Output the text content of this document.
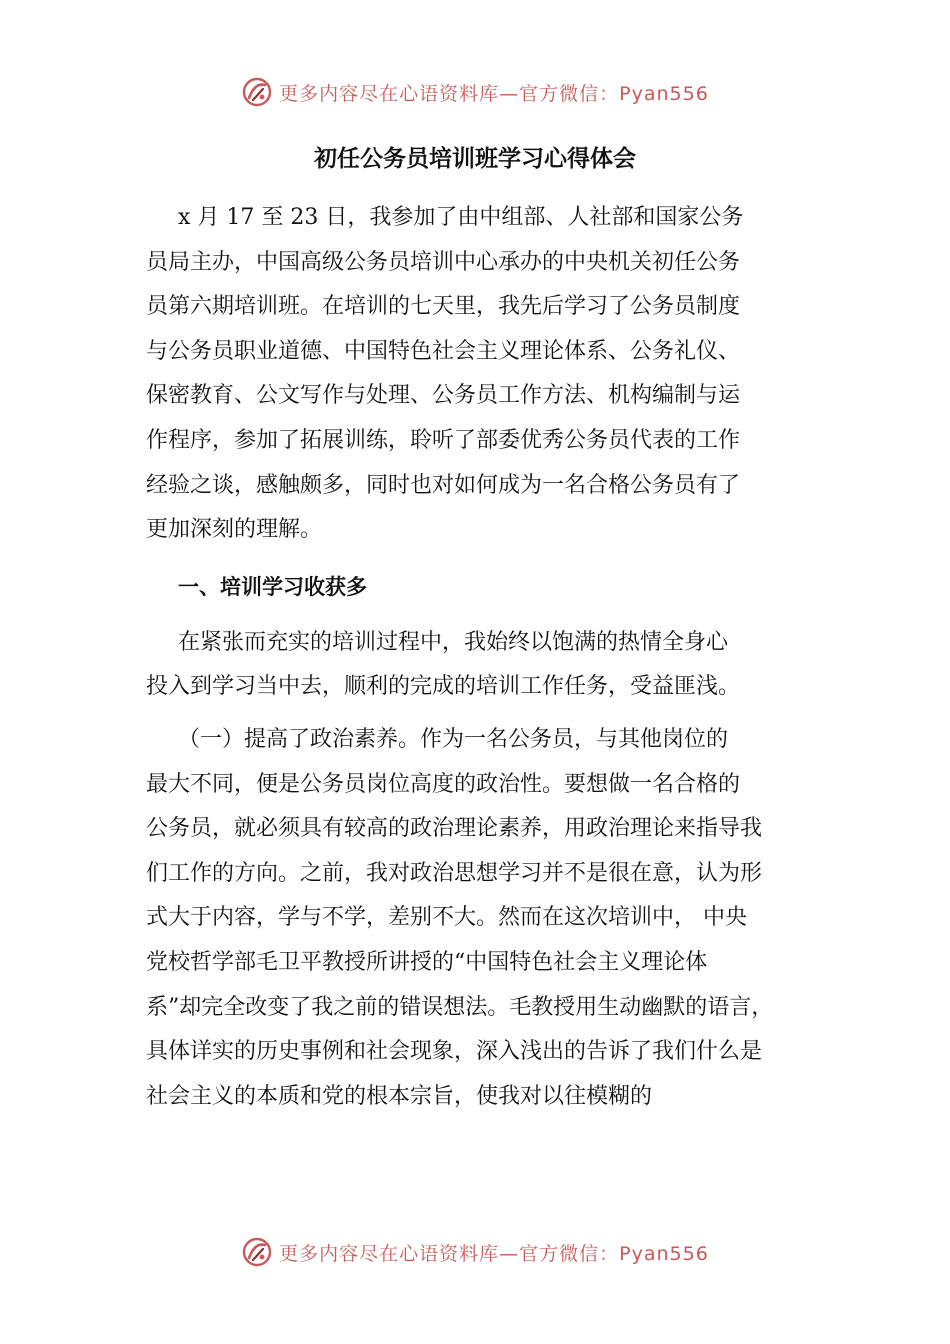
更多内容尽在心语资料库—官方微信：Pyan556
初任公务员培训班学习心得体会
x 月 17 至 23 日，我参加了由中组部、人社部和国家公务
员局主办，中国高级公务员培训中心承办的中央机关初任公务
员第六期培训班。在培训的七天里，我先后学习了公务员制度
与公务员职业道德、中国特色社会主义理论体系、公务礼仪、
保密教育、公文写作与处理、公务员工作方法、机构编制与运
作程序，参加了拓展训练，聆听了部委优秀公务员代表的工作
经验之谈，感触颇多，同时也对如何成为一名合格公务员有了
更加深刻的理解。
一、培训学习收获多
在紧张而充实的培训过程中，我始终以饱满的热情全身心
投入到学习当中去，顺利的完成的培训工作任务，受益匪浅。
（一）提高了政治素养。作为一名公务员，与其他岗位的
最大不同，便是公务员岗位高度的政治性。要想做一名合格的
公务员，就必须具有较高的政治理论素养，用政治理论来指导我
们工作的方向。之前，我对政治思想学习并不是很在意，认为形
式大于内容，学与不学，差别不大。然而在这次培训中， 中央
党校哲学部毛卫平教授所讲授的“中国特色社会主义理论体
系”却完全改变了我之前的错误想法。毛教授用生动幽默的语言，
具体详实的历史事例和社会现象，深入浅出的告诉了我们什么是
社会主义的本质和党的根本宗旨，使我对以往模糊的
更多内容尽在心语资料库—官方微信：Pyan556
